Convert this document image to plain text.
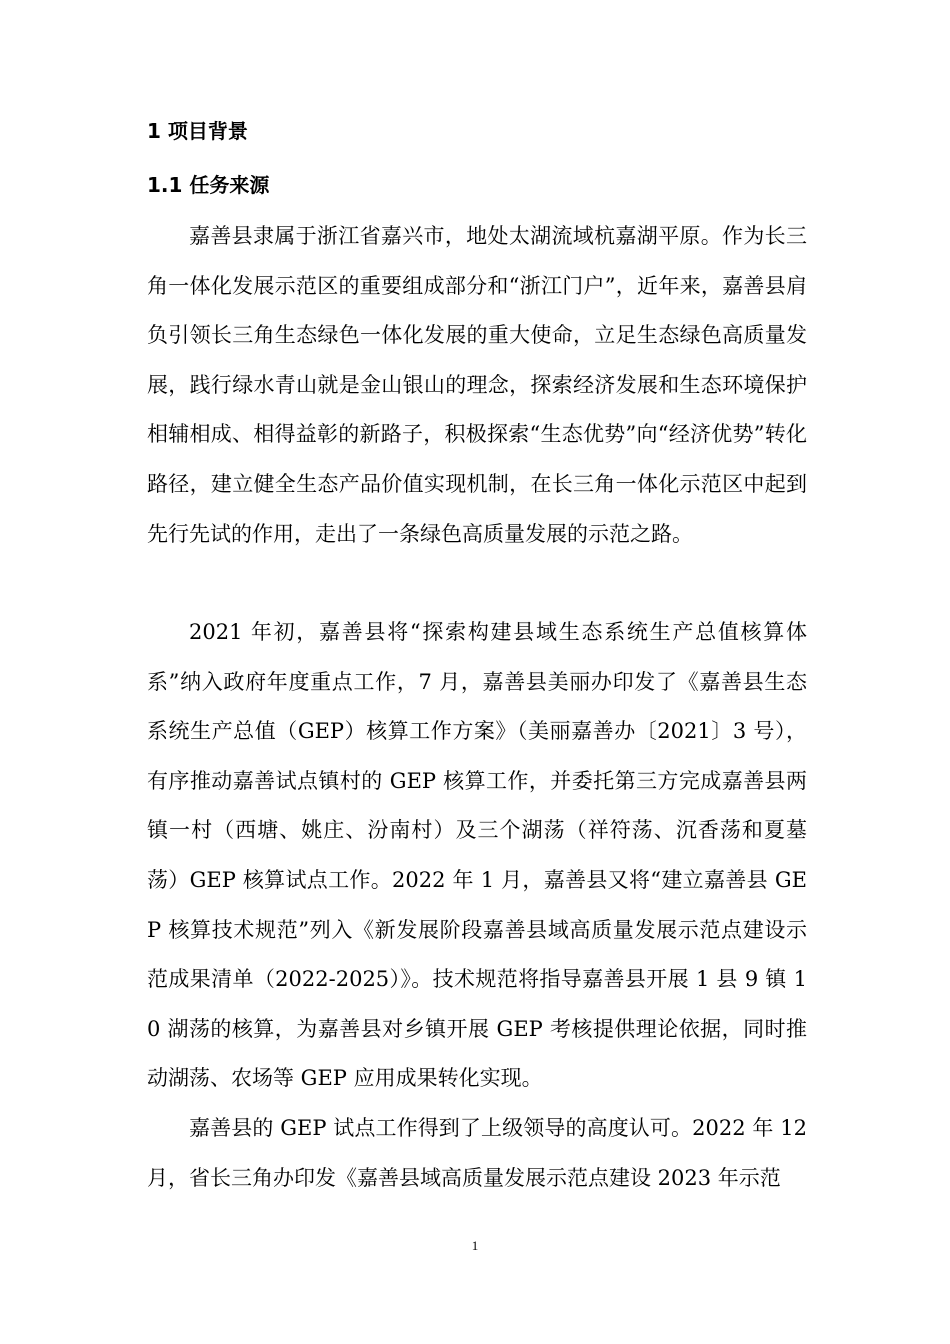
1 项目背景
1.1 任务来源

嘉善县隶属于浙江省嘉兴市，地处太湖流域杭嘉湖平原。作为长三角一体化发展示范区的重要组成部分和“浙江门户”，近年来，嘉善县肩负引领长三角生态绿色一体化发展的重大使命，立足生态绿色高质量发展，践行绿水青山就是金山银山的理念，探索经济发展和生态环境保护相辅相成、相得益彰的新路子，积极探索“生态优势”向“经济优势”转化路径，建立健全生态产品价值实现机制，在长三角一体化示范区中起到先行先试的作用，走出了一条绿色高质量发展的示范之路。

2021 年初，嘉善县将“探索构建县域生态系统生产总值核算体系”纳入政府年度重点工作，7 月，嘉善县美丽办印发了《嘉善县生态系统生产总值（GEP）核算工作方案》（美丽嘉善办〔2021〕3 号），有序推动嘉善试点镇村的 GEP 核算工作，并委托第三方完成嘉善县两镇一村（西塘、姚庄、汾南村）及三个湖荡（祥符荡、沉香荡和夏墓荡）GEP 核算试点工作。2022 年 1 月，嘉善县又将“建立嘉善县 GEP 核算技术规范”列入《新发展阶段嘉善县域高质量发展示范点建设示范成果清单（2022-2025）》。技术规范将指导嘉善县开展 1 县 9 镇 10 湖荡的核算，为嘉善县对乡镇开展 GEP 考核提供理论依据，同时推动湖荡、农场等 GEP 应用成果转化实现。

嘉善县的 GEP 试点工作得到了上级领导的高度认可。2022 年 12 月，省长三角办印发《嘉善县域高质量发展示范点建设 2023 年示范

1
